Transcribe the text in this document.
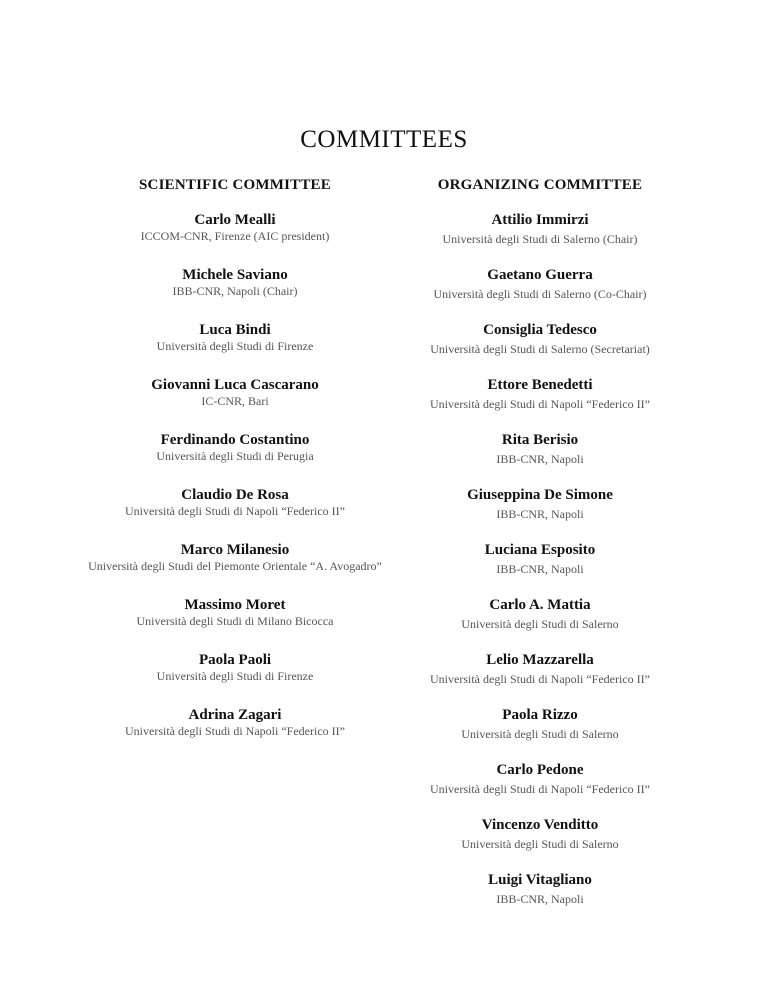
COMMITTEES
SCIENTIFIC COMMITTEE
Carlo Mealli
ICCOM-CNR, Firenze (AIC president)
Michele Saviano
IBB-CNR, Napoli (Chair)
Luca Bindi
Università degli Studi di Firenze
Giovanni Luca Cascarano
IC-CNR, Bari
Ferdinando Costantino
Università degli Studi di Perugia
Claudio De Rosa
Università degli Studi di Napoli “Federico II”
Marco Milanesio
Università degli Studi del Piemonte Orientale “A. Avogadro”
Massimo Moret
Università degli Studi di Milano Bicocca
Paola Paoli
Università degli Studi di Firenze
Adrina Zagari
Università degli Studi di Napoli “Federico II”
ORGANIZING COMMITTEE
Attilio Immirzi
Università degli Studi di Salerno (Chair)
Gaetano Guerra
Università degli Studi di Salerno (Co-Chair)
Consiglia Tedesco
Università degli Studi di Salerno (Secretariat)
Ettore Benedetti
Università degli Studi di Napoli “Federico II”
Rita Berisio
IBB-CNR, Napoli
Giuseppina De Simone
IBB-CNR, Napoli
Luciana Esposito
IBB-CNR, Napoli
Carlo A. Mattia
Università degli Studi di Salerno
Lelio Mazzarella
Università degli Studi di Napoli “Federico II”
Paola Rizzo
Università degli Studi di Salerno
Carlo Pedone
Università degli Studi di Napoli “Federico II”
Vincenzo Venditto
Università degli Studi di Salerno
Luigi Vitagliano
IBB-CNR, Napoli
